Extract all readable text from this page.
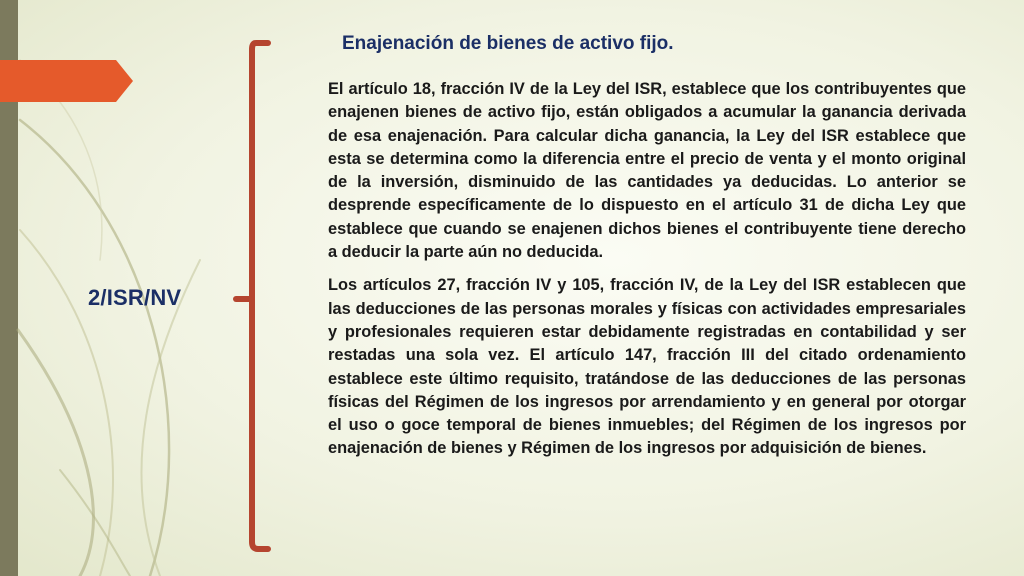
2/ISR/NV
Enajenación de bienes de activo fijo.

El artículo 18, fracción IV de la Ley del ISR, establece que los contribuyentes que enajenen bienes de activo fijo, están obligados a acumular la ganancia derivada de esa enajenación. Para calcular dicha ganancia, la Ley del ISR establece que esta se determina como la diferencia entre el precio de venta y el monto original de la inversión, disminuido de las cantidades ya deducidas. Lo anterior se desprende específicamente de lo dispuesto en el artículo 31 de dicha Ley que establece que cuando se enajenen dichos bienes el contribuyente tiene derecho a deducir la parte aún no deducida.

Los artículos 27, fracción IV y 105, fracción IV, de la Ley del ISR establecen que las deducciones de las personas morales y físicas con actividades empresariales y profesionales requieren estar debidamente registradas en contabilidad y ser restadas una sola vez. El artículo 147, fracción III del citado ordenamiento establece este último requisito, tratándose de las deducciones de las personas físicas del Régimen de los ingresos por arrendamiento y en general por otorgar el uso o goce temporal de bienes inmuebles; del Régimen de los ingresos por enajenación de bienes y Régimen de los ingresos por adquisición de bienes.
